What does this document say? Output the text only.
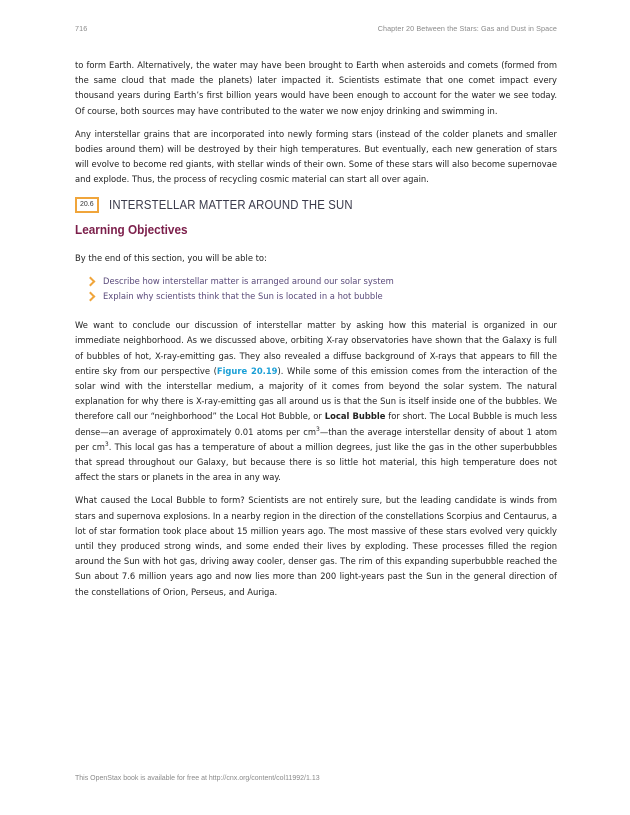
716	Chapter 20 Between the Stars: Gas and Dust in Space

to form Earth. Alternatively, the water may have been brought to Earth when asteroids and comets (formed from the same cloud that made the planets) later impacted it. Scientists estimate that one comet impact every thousand years during Earth’s first billion years would have been enough to account for the water we see today. Of course, both sources may have contributed to the water we now enjoy drinking and swimming in.

Any interstellar grains that are incorporated into newly forming stars (instead of the colder planets and smaller bodies around them) will be destroyed by their high temperatures. But eventually, each new generation of stars will evolve to become red giants, with stellar winds of their own. Some of these stars will also become supernovae and explode. Thus, the process of recycling cosmic material can start all over again.

20.6	INTERSTELLAR MATTER AROUND THE SUN
Learning Objectives

By the end of this section, you will be able to:

Describe how interstellar matter is arranged around our solar system
Explain why scientists think that the Sun is located in a hot bubble

We want to conclude our discussion of interstellar matter by asking how this material is organized in our immediate neighborhood. As we discussed above, orbiting X-ray observatories have shown that the Galaxy is full of bubbles of hot, X-ray-emitting gas. They also revealed a diffuse background of X-rays that appears to fill the entire sky from our perspective (Figure 20.19). While some of this emission comes from the interaction of the solar wind with the interstellar medium, a majority of it comes from beyond the solar system. The natural explanation for why there is X-ray-emitting gas all around us is that the Sun is itself inside one of the bubbles. We therefore call our “neighborhood” the Local Hot Bubble, or Local Bubble for short. The Local Bubble is much less dense—an average of approximately 0.01 atoms per $cm^3—than$ the average interstellar density of about 1 atom per $cm^3$. This local gas has a temperature of about a million degrees, just like the gas in the other superbubbles that spread throughout our Galaxy, but because there is so little hot material, this high temperature does not affect the stars or planets in the area in any way.

What caused the Local Bubble to form? Scientists are not entirely sure, but the leading candidate is winds from stars and supernova explosions. In a nearby region in the direction of the constellations Scorpius and Centaurus, a lot of star formation took place about 15 million years ago. The most massive of these stars evolved very quickly until they produced strong winds, and some ended their lives by exploding. These processes filled the region around the Sun with hot gas, driving away cooler, denser gas. The rim of this expanding superbubble reached the Sun about 7.6 million years ago and now lies more than 200 light-years past the Sun in the general direction of the constellations of Orion, Perseus, and Auriga.

This OpenStax book is available for free at http://cnx.org/content/col11992/1.13
